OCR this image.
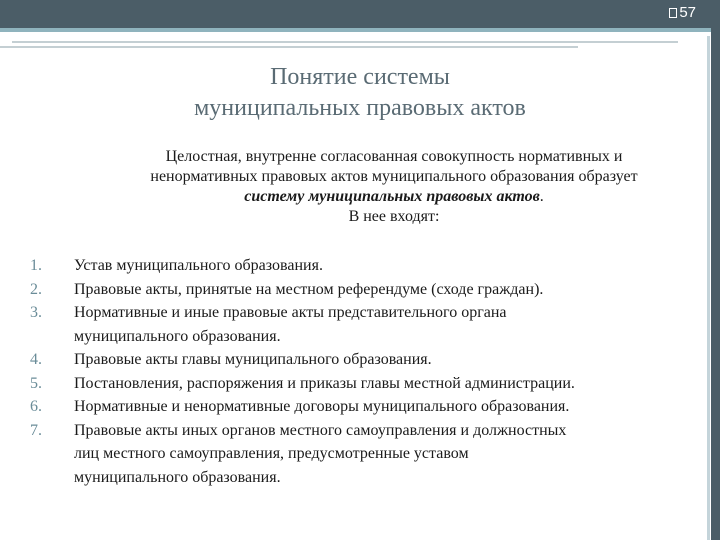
57
Понятие системы
муниципальных правовых актов
Целостная, внутренне согласованная совокупность нормативных и
ненормативных правовых актов муниципального образования образует
систему муниципальных правовых актов.
В нее входят:
1.	Устав муниципального образования.
2.	Правовые акты, принятые на местном референдуме (сходе граждан).
3.	Нормативные и иные правовые акты представительного органа
муниципального образования.
4.	Правовые акты главы муниципального образования.
5.	Постановления, распоряжения и приказы главы местной администрации.
6.	Нормативные и ненормативные договоры муниципального образования.
7.	Правовые акты иных органов местного самоуправления и должностных
лиц местного самоуправления, предусмотренные уставом
муниципального образования.
